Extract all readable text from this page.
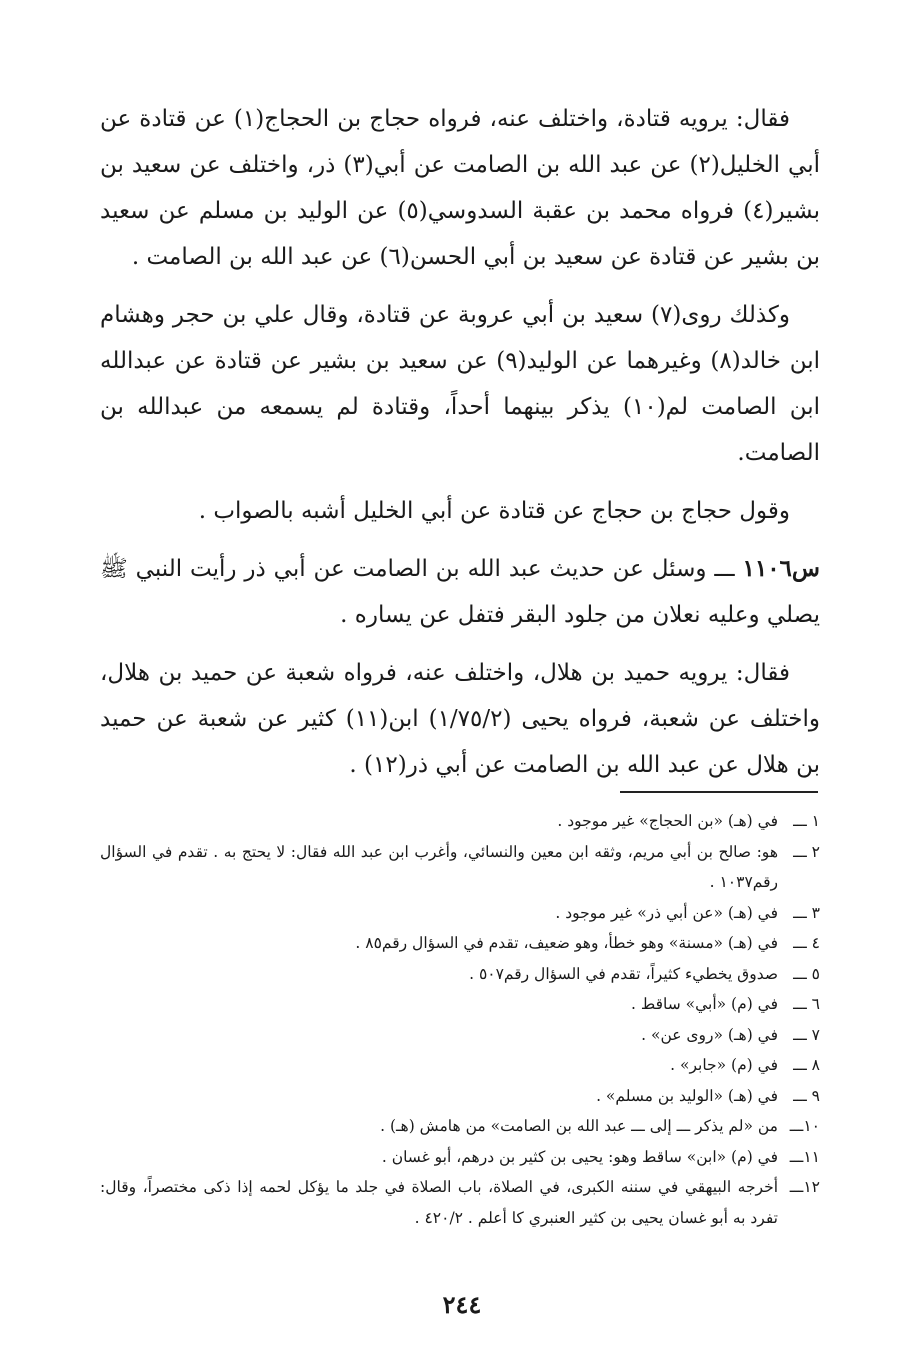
فقال: يرويه قتادة، واختلف عنه، فرواه حجاج بن الحجاج(١) عن قتادة عن أبي الخليل(٢) عن عبد الله بن الصامت عن أبي(٣) ذر، واختلف عن سعيد بن بشير(٤) فرواه محمد بن عقبة السدوسي(٥) عن الوليد بن مسلم عن سعيد بن بشير عن قتادة عن سعيد بن أبي الحسن(٦) عن عبد الله بن الصامت .

وكذلك روى(٧) سعيد بن أبي عروبة عن قتادة، وقال علي بن حجر وهشام ابن خالد(٨) وغيرهما عن الوليد(٩) عن سعيد بن بشير عن قتادة عن عبدالله ابن الصامت لم(١٠) يذكر بينهما أحداً، وقتادة لم يسمعه من عبدالله بن الصامت.

وقول حجاج بن حجاج عن قتادة عن أبي الخليل أشبه بالصواب .

س١١٠٦ ـــ وسئل عن حديث عبد الله بن الصامت عن أبي ذر رأيت النبي ﷺ يصلي وعليه نعلان من جلود البقر فتفل عن يساره .

فقال: يرويه حميد بن هلال، واختلف عنه، فرواه شعبة عن حميد بن هلال، واختلف عن شعبة، فرواه يحيى (١/٧٥/٢) ابن(١١) كثير عن شعبة عن حميد بن هلال عن عبد الله بن الصامت عن أبي ذر(١٢) .

١ ـــ
في (هـ) «بن الحجاج» غير موجود .
٢ ـــ
هو: صالح بن أبي مريم، وثقه ابن معين والنسائي، وأغرب ابن عبد الله فقال: لا يحتج به . تقدم في السؤال رقم١٠٣٧ .
٣ ـــ
في (هـ) «عن أبي ذر» غير موجود .
٤ ـــ
في (هـ) «مسنة» وهو خطأ، وهو ضعيف، تقدم في السؤال رقم٨٥ .
٥ ـــ
صدوق يخطيء كثيراً، تقدم في السؤال رقم٥٠٧ .
٦ ـــ
في (م) «أبي» ساقط .
٧ ـــ
في (هـ) «روى عن» .
٨ ـــ
في (م) «جابر» .
٩ ـــ
في (هـ) «الوليد بن مسلم» .
١٠ـــ
من «لم يذكر ـــ إلى ـــ عبد الله بن الصامت» من هامش (هـ) .
١١ـــ
في (م) «ابن» ساقط وهو: يحيى بن كثير بن درهم، أبو غسان .
١٢ـــ
أخرجه البيهقي في سننه الكبرى، في الصلاة، باب الصلاة في جلد ما يؤكل لحمه إذا ذكى مختصراً، وقال: تفرد به أبو غسان يحيى بن كثير العنبري كا أعلم . ٤٢٠/٢ .
٢٤٤
